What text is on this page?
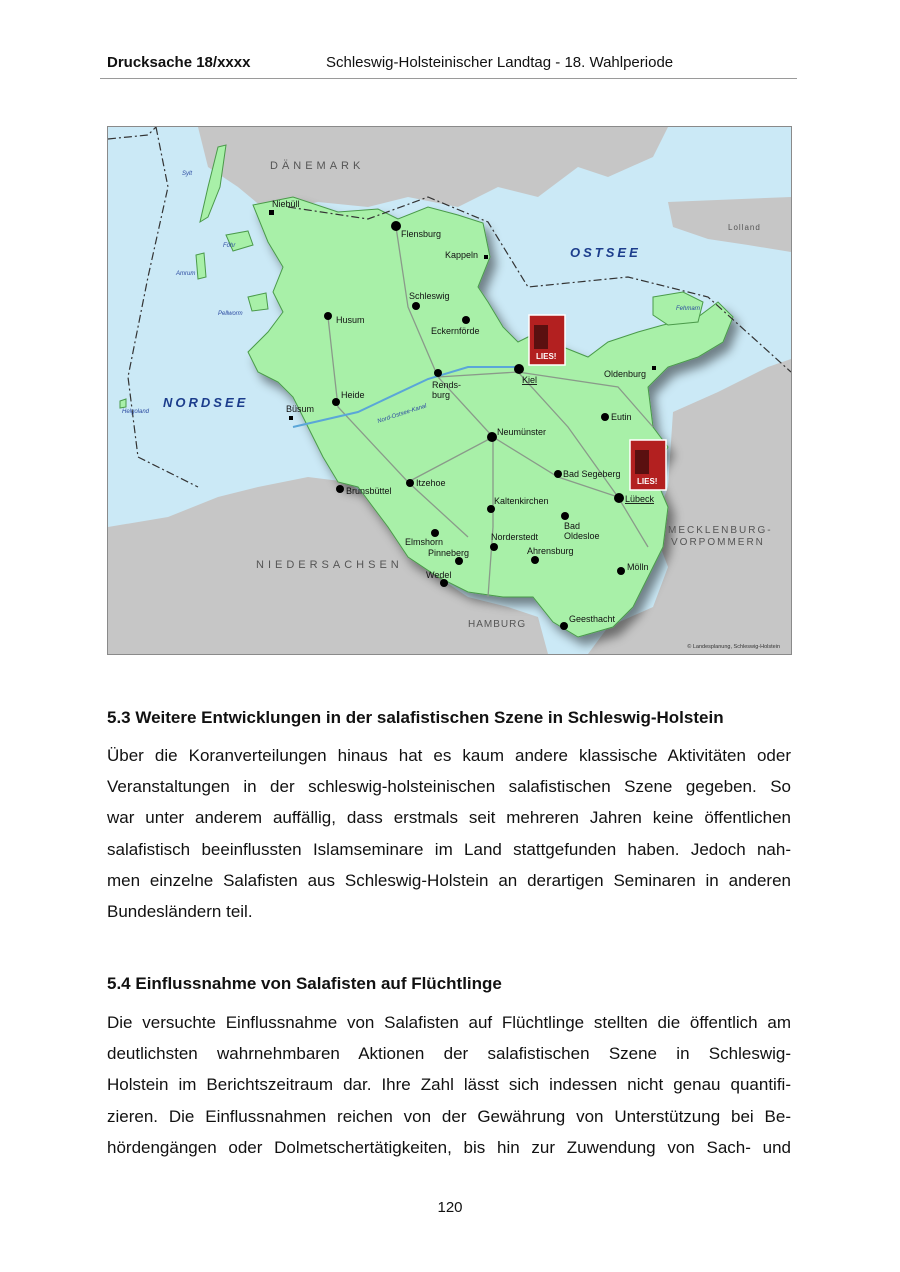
Drucksache 18/xxxx	Schleswig-Holsteinischer Landtag - 18. Wahlperiode
Nord-Ostsee-Kanal
DÄNEMARK
Lolland
NIEDERSACHSEN
MECKLENBURG-
VORPOMMERN
HAMBURG
OSTSEE
NORDSEE
Sylt
Föhr
Amrum
Pellworm
Helgoland
Fehmarn
Niebüll
Flensburg
Kappeln
Schleswig
Husum
Eckernförde
Kiel
Oldenburg
Rends-
burg
Heide
Büsum
Eutin
Neumünster
Bad Segeberg
Itzehoe
Brunsbüttel
Lübeck
Kaltenkirchen
Bad
Oldesloe
Elmshorn	Norderstedt
Pinneberg	Ahrensburg
Mölln
Wedel
Geesthacht
LIES!
LIES!
© Landesplanung, Schleswig-Holstein
5.3 Weitere Entwicklungen in der salafistischen Szene in Schleswig-Holstein
Über die Koranverteilungen hinaus hat es kaum andere klassische Aktivitäten oder
Veranstaltungen in der schleswig-holsteinischen salafistischen Szene gegeben. So
war unter anderem auffällig, dass erstmals seit mehreren Jahren keine öffentlichen
salafistisch beeinflussten Islamseminare im Land stattgefunden haben. Jedoch nah-
men einzelne Salafisten aus Schleswig-Holstein an derartigen Seminaren in anderen
Bundesländern teil.
5.4 Einflussnahme von Salafisten auf Flüchtlinge
Die versuchte Einflussnahme von Salafisten auf Flüchtlinge stellten die öffentlich am
deutlichsten wahrnehmbaren Aktionen der salafistischen Szene in Schleswig-
Holstein im Berichtszeitraum dar. Ihre Zahl lässt sich indessen nicht genau quantifi-
zieren. Die Einflussnahmen reichen von der Gewährung von Unterstützung bei Be-
hördengängen oder Dolmetschertätigkeiten, bis hin zur Zuwendung von Sach- und
120
